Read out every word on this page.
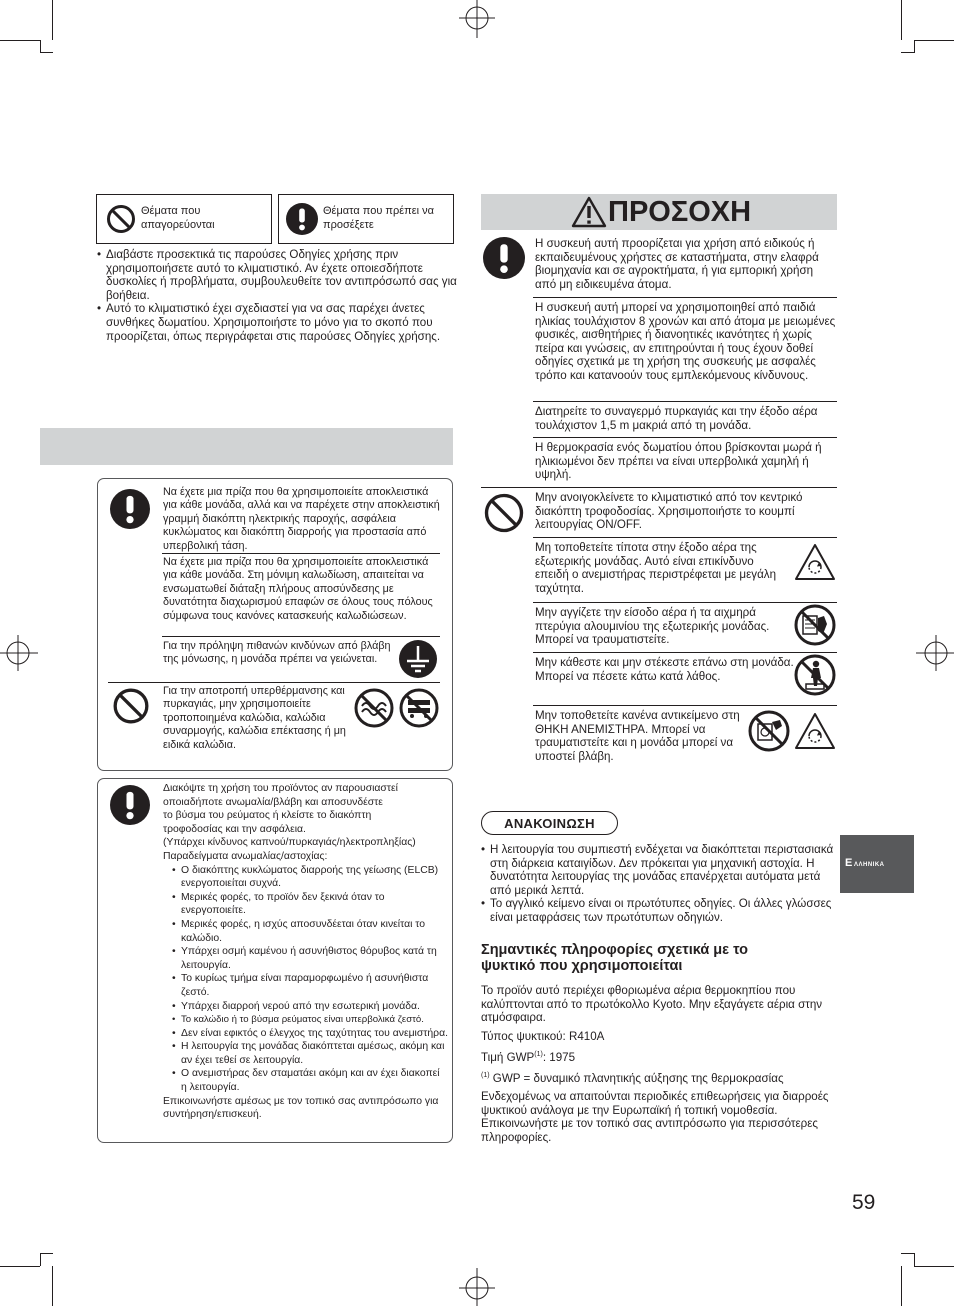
Θέματα που απαγορεύονται
Θέματα που πρέπει να προσέξετε

• Διαβάστε προσεκτικά τις παρούσες Οδηγίες χρήσης πριν χρησιμοποιήσετε αυτό το κλιματιστικό. Αν έχετε οποιεσδήποτε δυσκολίες ή προβλήματα, συμβουλευθείτε τον αντιπρόσωπό σας για βοήθεια.

• Αυτό το κλιματιστικό έχει σχεδιαστεί για να σας παρέχει άνετες συνθήκες δωματίου. Χρησιμοποιήστε το μόνο για το σκοπό που προορίζεται, όπως περιγράφεται στις παρούσες Οδηγίες χρήσης.

Να έχετε μια πρίζα που θα χρησιμοποιείτε αποκλειστικά για κάθε μονάδα, αλλά και να παρέχετε στην αποκλειστική γραμμή διακόπτη ηλεκτρικής παροχής, ασφάλεια κυκλώματος και διακόπτη διαρροής για προστασία από υπερβολική τάση.
Να έχετε μια πρίζα που θα χρησιμοποιείτε αποκλειστικά για κάθε μονάδα. Στη μόνιμη καλωδίωση, απαιτείται να ενσωματωθεί διάταξη πλήρους αποσύνδεσης με δυνατότητα διαχωρισμού επαφών σε όλους τους πόλους σύμφωνα τους κανόνες κατασκευής καλωδιώσεων.
Για την πρόληψη πιθανών κινδύνων από βλάβη της μόνωσης, η μονάδα πρέπει να γειώνεται.
Για την αποτροπή υπερθέρμανσης και πυρκαγιάς, μην χρησιμοποιείτε τροποποιημένα καλώδια, καλώδια συναρμογής, καλώδια επέκτασης ή μη ειδικά καλώδια.
Διακόψτε τη χρήση του προϊόντος αν παρουσιαστεί
οποιαδήποτε ανωμαλία/βλάβη και αποσυνδέστε
το βύσμα του ρεύματος ή κλείστε το διακόπτη
τροφοδοσίας και την ασφάλεια.
(Υπάρχει κίνδυνος καπνού/πυρκαγιάς/ηλεκτροπληξίας)
Παραδείγματα ανωμαλίας/αστοχίας:

• Ο διακόπτης κυκλώματος διαρροής της γείωσης (ELCB) ενεργοποιείται συχνά.

• Μερικές φορές, το προϊόν δεν ξεκινά όταν το ενεργοποιείτε.

• Μερικές φορές, η ισχύς αποσυνδέεται όταν κινείται το καλώδιο.

• Υπάρχει οσμή καμένου ή ασυνήθιστος θόρυβος κατά τη λειτουργία.

• Το κυρίως τμήμα είναι παραμορφωμένο ή ασυνήθιστα ζεστό.

• Υπάρχει διαρροή νερού από την εσωτερική μονάδα.

• Το καλώδιο ή το βύσμα ρεύματος είναι υπερβολικά ζεστό.

• Δεν είναι εφικτός ο έλεγχος της ταχύτητας του ανεμιστήρα.

• Η λειτουργία της μονάδας διακόπτεται αμέσως, ακόμη και αν έχει τεθεί σε λειτουργία.

• Ο ανεμιστήρας δεν σταματάει ακόμη και αν έχει διακοπεί η λειτουργία.

Επικοινωνήστε αμέσως με τον τοπικό σας αντιπρόσωπο για συντήρηση/επισκευή.
ΠΡΟΣΟΧΗ
Η συσκευή αυτή προορίζεται για χρήση από ειδικούς ή εκπαιδευμένους χρήστες σε καταστήματα, στην ελαφρά βιομηχανία και σε αγροκτήματα, ή για εμπορική χρήση από μη ειδικευμένα άτομα.
Η συσκευή αυτή μπορεί να χρησιμοποιηθεί από παιδιά ηλικίας τουλάχιστον 8 χρονών και από άτομα με μειωμένες φυσικές, αισθητήριες ή διανοητικές ικανότητες ή χωρίς πείρα και γνώσεις, αν επιτηρούνται ή τους έχουν δοθεί οδηγίες σχετικά με τη χρήση της συσκευής με ασφαλές τρόπο και κατανοούν τους εμπλεκόμενους κίνδυνους.
Διατηρείτε το συναγερμό πυρκαγιάς και την έξοδο αέρα τουλάχιστον 1,5 m μακριά από τη μονάδα.
Η θερμοκρασία ενός δωματίου όπου βρίσκονται μωρά ή ηλικιωμένοι δεν πρέπει να είναι υπερβολικά χαμηλή ή υψηλή.
Μην ανοιγοκλείνετε το κλιματιστικό από τον κεντρικό διακόπτη τροφοδοσίας. Χρησιμοποιήστε το κουμπί λειτουργίας ON/OFF.
Μη τοποθετείτε τίποτα στην έξοδο αέρα της εξωτερικής μονάδας. Αυτό είναι επικίνδυνο επειδή ο ανεμιστήρας περιστρέφεται με μεγάλη ταχύτητα.
Μην αγγίζετε την είσοδο αέρα ή τα αιχμηρά πτερύγια αλουμινίου της εξωτερικής μονάδας. Μπορεί να τραυματιστείτε.
Μην κάθεστε και μην στέκεστε επάνω στη μονάδα. Μπορεί να πέσετε κάτω κατά λάθος.
Μην τοποθετείτε κανένα αντικείμενο στη ΘΗΚΗ ΑΝΕΜΙΣΤΗΡΑ. Μπορεί να τραυματιστείτε και η μονάδα μπορεί να υποστεί βλάβη.
ΑΝΑΚΟΙΝΩΣΗ

• Η λειτουργία του συμπιεστή ενδέχεται να διακόπτεται περιστασιακά στη διάρκεια καταιγίδων. Δεν πρόκειται για μηχανική αστοχία. Η δυνατότητα λειτουργίας της μονάδας επανέρχεται αυτόματα μετά από μερικά λεπτά.

• Το αγγλικό κείμενο είναι οι πρωτότυπες οδηγίες. Οι άλλες γλώσσες είναι μεταφράσεις των πρωτότυπων οδηγιών.

Σημαντικές πληροφορίες σχετικά με το ψυκτικό που χρησιμοποιείται
Το προϊόν αυτό περιέχει φθοριωμένα αέρια θερμοκηπίου που καλύπτονται από το πρωτόκολλο Kyoto. Μην εξαγάγετε αέρια στην ατμόσφαιρα.
Τύπος ψυκτικού: R410A
Τιμή GWP$^{(1)}$: 1975
$^{(1)}$ GWP = δυναμικό πλανητικής αύξησης της θερμοκρασίας
Ενδεχομένως να απαιτούνται περιοδικές επιθεωρήσεις για διαρροές ψυκτικού ανάλογα με την Ευρωπαϊκή ή τοπική νομοθεσία. Επικοινωνήστε με τον τοπικό σας αντιπρόσωπο για περισσότερες πληροφορίες.
E ΛΛΗΝΙΚΑ
59
